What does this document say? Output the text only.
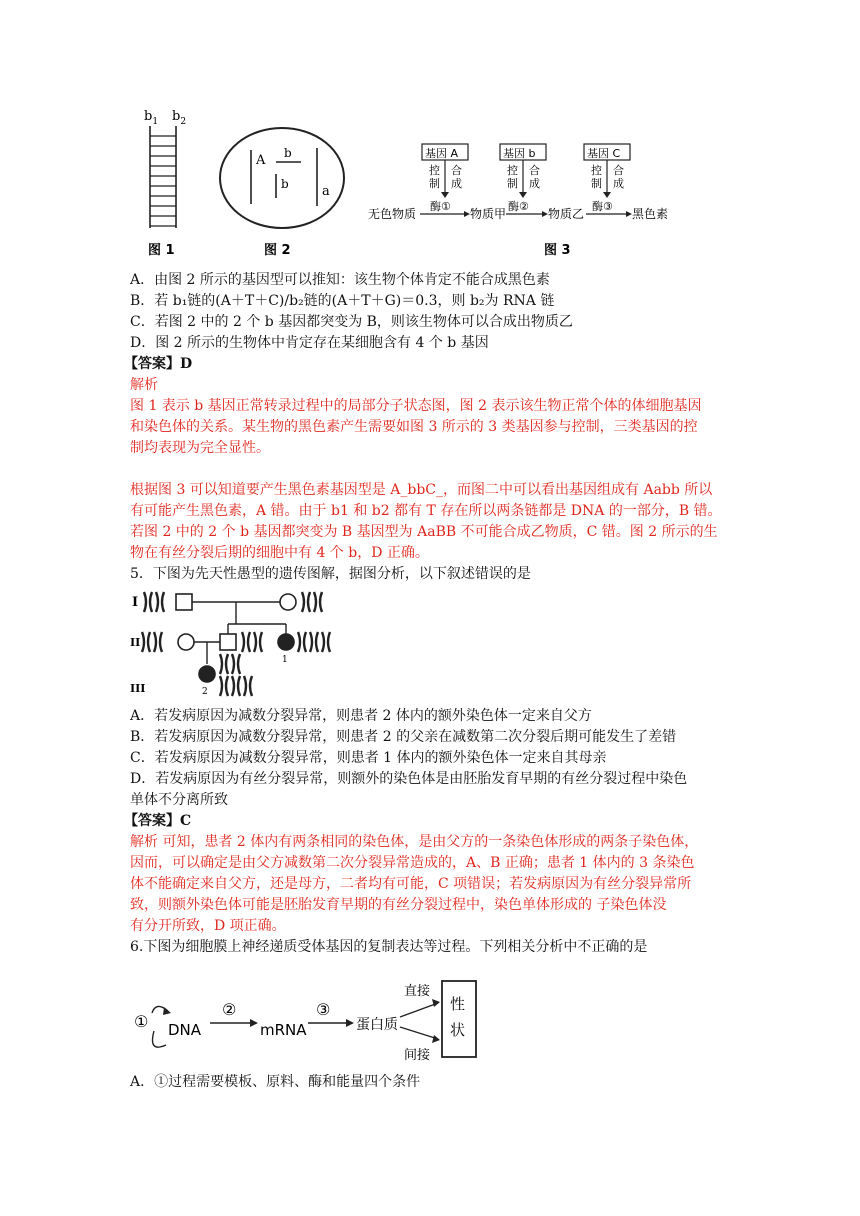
$b_1$ $b_2$
图 1
A b
b	a
图 2
基因 A	基因 b	基因 C
控
制
合
成
控
制
合
成
控
制
合
成
酶①	酶②	酶③
无色物质	物质甲	物质乙	黑色素
图 3
A．由图 2 所示的基因型可以推知：该生物个体肯定不能合成黑色素
B．若 b₁链的(A＋T＋C)/b₂链的(A＋T＋G)＝0.3，则 b₂为 RNA 链
C．若图 2 中的 2 个 b 基因都突变为 B，则该生物体可以合成出物质乙
D．图 2 所示的生物体中肯定存在某细胞含有 4 个 b 基因
【答案】D
解析
图 1 表示 b 基因正常转录过程中的局部分子状态图，图 2 表示该生物正常个体的体细胞基因
和染色体的关系。某生物的黑色素产生需要如图 3 所示的 3 类基因参与控制，三类基因的控
制均表现为完全显性。
根据图 3 可以知道要产生黑色素基因型是 A_bbC_，而图二中可以看出基因组成有 Aabb 所以
有可能产生黑色素，A 错。由于 b1 和 b2 都有 T 存在所以两条链都是 DNA 的一部分，B 错。
若图 2 中的 2 个 b 基因都突变为 B 基因型为 AaBB 不可能合成乙物质，C 错。图 2 所示的生
物在有丝分裂后期的细胞中有 4 个 b，D 正确。
5．下图为先天性愚型的遗传图解，据图分析，以下叙述错误的是
I
II
III
1
2
A．若发病原因为减数分裂异常，则患者 2 体内的额外染色体一定来自父方
B．若发病原因为减数分裂异常，则患者 2 的父亲在减数第二次分裂后期可能发生了差错
C．若发病原因为减数分裂异常，则患者 1 体内的额外染色体一定来自其母亲
D．若发病原因为有丝分裂异常，则额外的染色体是由胚胎发育早期的有丝分裂过程中染色
单体不分离所致
【答案】C
解析 可知，患者 2 体内有两条相同的染色体，是由父方的一条染色体形成的两条子染色体，
因而，可以确定是由父方减数第二次分裂异常造成的，A、B 正确；患者 1 体内的 3 条染色
体不能确定来自父方，还是母方，二者均有可能，C 项错误；若发病原因为有丝分裂异常所
致，则额外染色体可能是胚胎发育早期的有丝分裂过程中，染色单体形成的 子染色体没
有分开所致，D 项正确。
6.下图为细胞膜上神经递质受体基因的复制表达等过程。下列相关分析中不正确的是
① DNA
②
mRNA
③
蛋白质
直接
间接
性
状
A．①过程需要模板、原料、酶和能量四个条件
